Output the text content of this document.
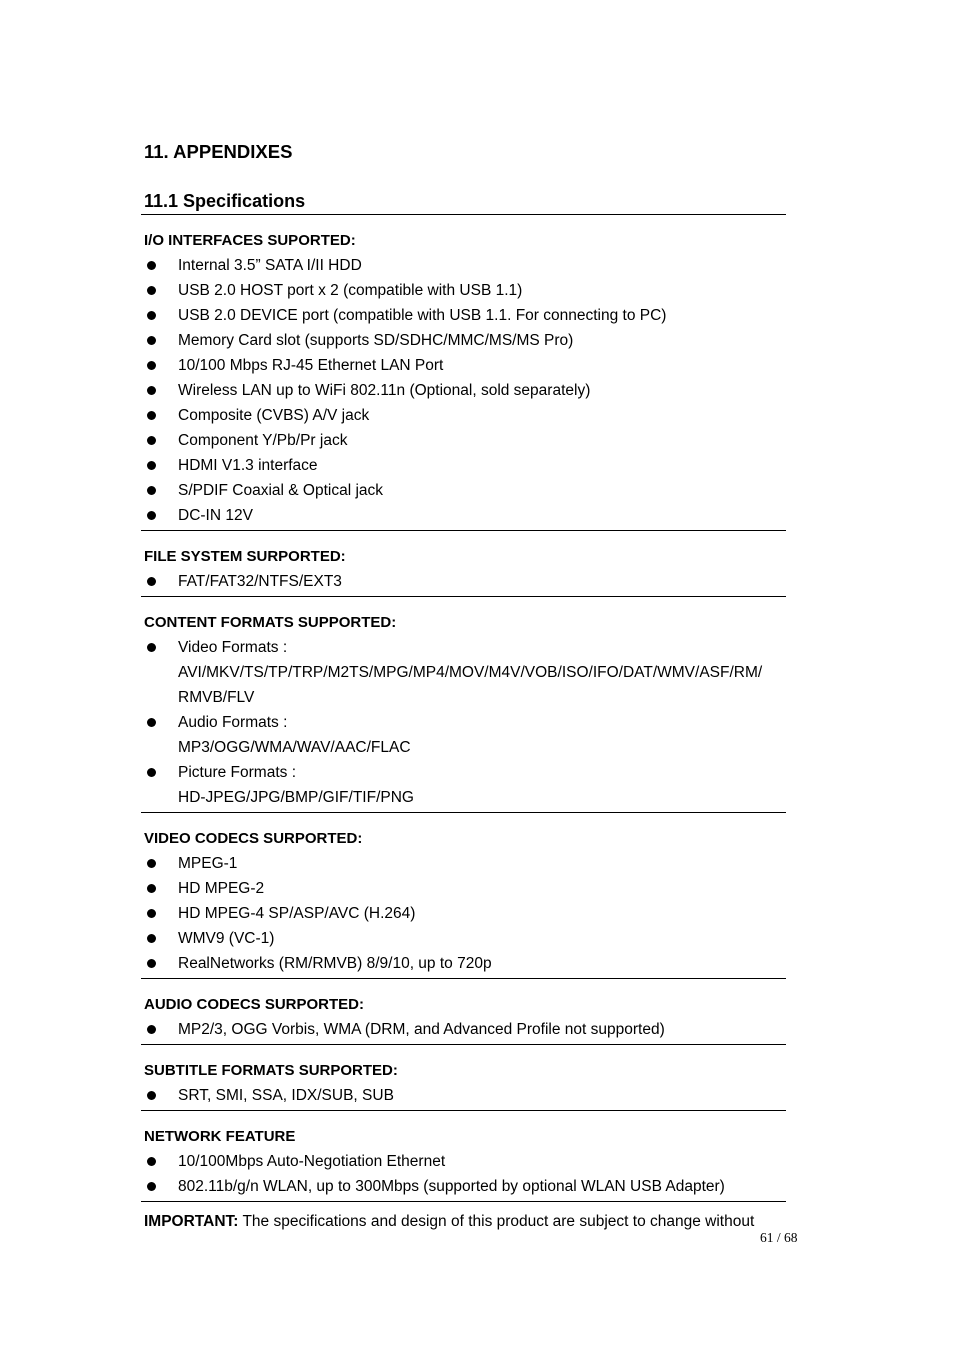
11. APPENDIXES
11.1 Specifications
I/O INTERFACES SUPORTED:
Internal 3.5” SATA I/II HDD
USB 2.0 HOST port x 2 (compatible with USB 1.1)
USB 2.0 DEVICE port (compatible with USB 1.1. For connecting to PC)
Memory Card slot (supports SD/SDHC/MMC/MS/MS Pro)
10/100 Mbps RJ-45 Ethernet LAN Port
Wireless LAN up to WiFi 802.11n (Optional, sold separately)
Composite (CVBS) A/V jack
Component Y/Pb/Pr jack
HDMI V1.3 interface
S/PDIF Coaxial & Optical jack
DC-IN 12V
FILE SYSTEM SURPORTED:
FAT/FAT32/NTFS/EXT3
CONTENT FORMATS SUPPORTED:
Video Formats :
AVI/MKV/TS/TP/TRP/M2TS/MPG/MP4/MOV/M4V/VOB/ISO/IFO/DAT/WMV/ASF/RM/
RMVB/FLV
Audio Formats :
MP3/OGG/WMA/WAV/AAC/FLAC
Picture Formats :
HD-JPEG/JPG/BMP/GIF/TIF/PNG
VIDEO CODECS SURPORTED:
MPEG-1
HD MPEG-2
HD MPEG-4 SP/ASP/AVC (H.264)
WMV9 (VC-1)
RealNetworks (RM/RMVB) 8/9/10, up to 720p
AUDIO CODECS SURPORTED:
MP2/3, OGG Vorbis, WMA (DRM, and Advanced Profile not supported)
SUBTITLE FORMATS SURPORTED:
SRT, SMI, SSA, IDX/SUB, SUB
NETWORK FEATURE
10/100Mbps Auto-Negotiation Ethernet
802.11b/g/n WLAN, up to 300Mbps (supported by optional WLAN USB Adapter)
IMPORTANT: The specifications and design of this product are subject to change without
61 / 68
